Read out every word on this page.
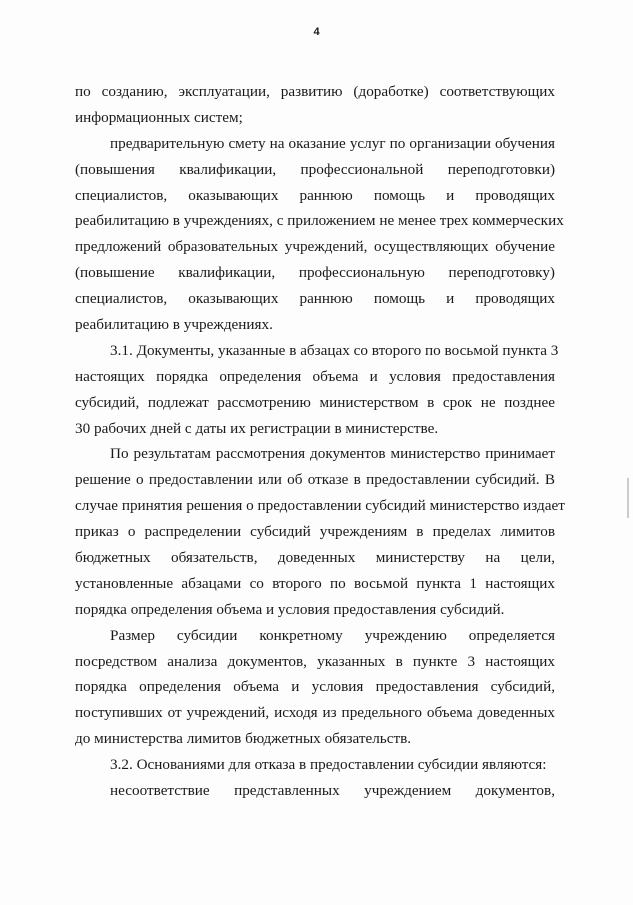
4
по созданию, эксплуатации, развитию (доработке) соответствующих
информационных систем;
предварительную смету на оказание услуг по организации обучения
(повышения квалификации, профессиональной переподготовки)
специалистов, оказывающих раннюю помощь и проводящих
реабилитацию в учреждениях, с приложением не менее трех коммерческих
предложений образовательных учреждений, осуществляющих обучение
(повышение квалификации, профессиональную переподготовку)
специалистов, оказывающих раннюю помощь и проводящих
реабилитацию в учреждениях.
3.1. Документы, указанные в абзацах со второго по восьмой пункта 3
настоящих порядка определения объема и условия предоставления
субсидий, подлежат рассмотрению министерством в срок не позднее
30 рабочих дней с даты их регистрации в министерстве.
По результатам рассмотрения документов министерство принимает
решение о предоставлении или об отказе в предоставлении субсидий. В
случае принятия решения о предоставлении субсидий министерство издает
приказ о распределении субсидий учреждениям в пределах лимитов
бюджетных обязательств, доведенных министерству на цели,
установленные абзацами со второго по восьмой пункта 1 настоящих
порядка определения объема и условия предоставления субсидий.
Размер субсидии конкретному учреждению определяется
посредством анализа документов, указанных в пункте 3 настоящих
порядка определения объема и условия предоставления субсидий,
поступивших от учреждений, исходя из предельного объема доведенных
до министерства лимитов бюджетных обязательств.
3.2. Основаниями для отказа в предоставлении субсидии являются:
несоответствие представленных учреждением документов,
